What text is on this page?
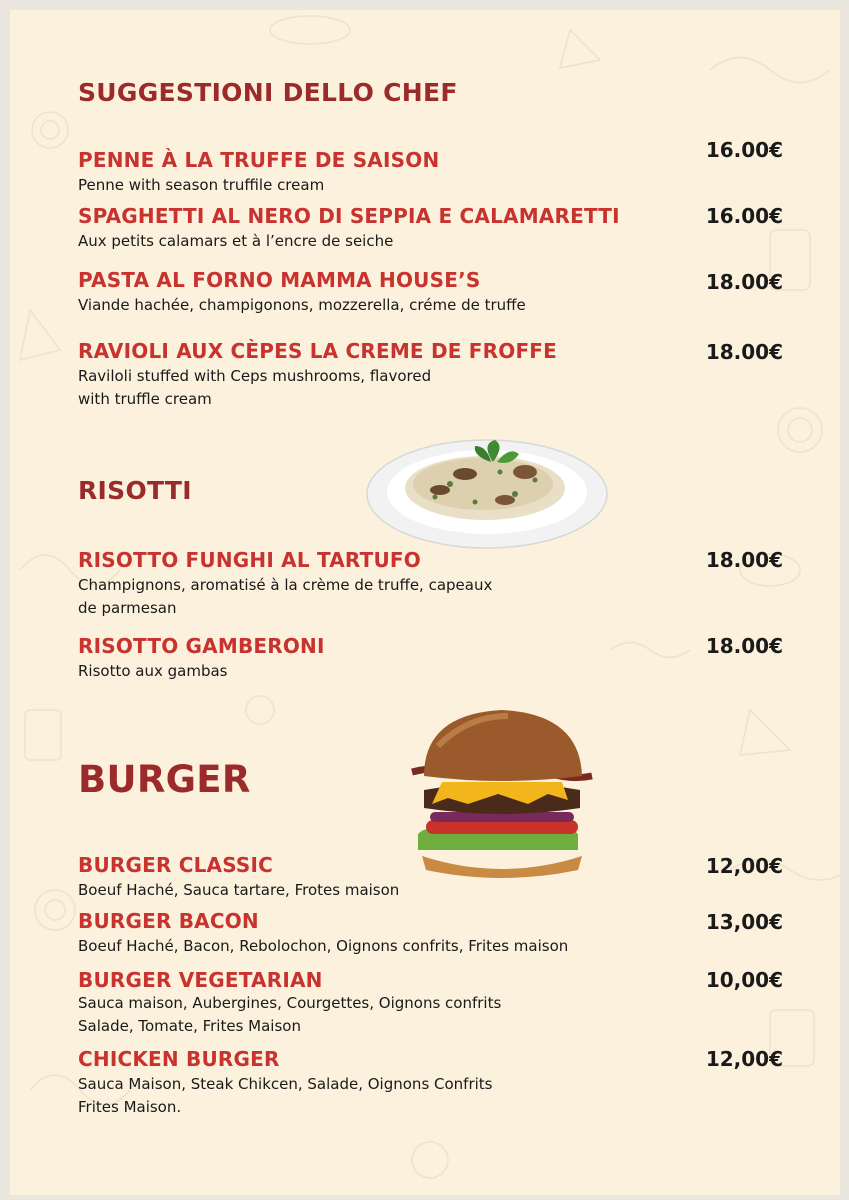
SUGGESTIONI DELLO CHEF
PENNE À LA TRUFFE DE SAISON
Penne with season truffile cream
16.00€
SPAGHETTI AL NERO DI SEPPIA E CALAMARETTI
Aux petits calamars et à l’encre de seiche
16.00€
PASTA AL FORNO MAMMA HOUSE’S
Viande hachée, champigonons, mozzerella, créme de truffe
18.00€
RAVIOLI AUX CÈPES LA CREME DE FROFFE
Raviloli stuffed with Ceps mushrooms, flavored
with truffle cream
18.00€
RISOTTI
RISOTTO FUNGHI AL TARTUFO
Champignons, aromatisé à la crème de truffe, capeaux
de parmesan
18.00€
RISOTTO GAMBERONI
Risotto aux gambas
18.00€
BURGER
BURGER CLASSIC
Boeuf Haché, Sauca tartare, Frotes maison
12,00€
BURGER BACON
Boeuf Haché, Bacon, Rebolochon, Oignons confrits, Frites maison
13,00€
BURGER VEGETARIAN
Sauca maison, Aubergines, Courgettes, Oignons confrits
Salade, Tomate, Frites Maison
10,00€
CHICKEN BURGER
Sauca Maison, Steak Chikcen, Salade, Oignons Confrits
Frites Maison.
12,00€
